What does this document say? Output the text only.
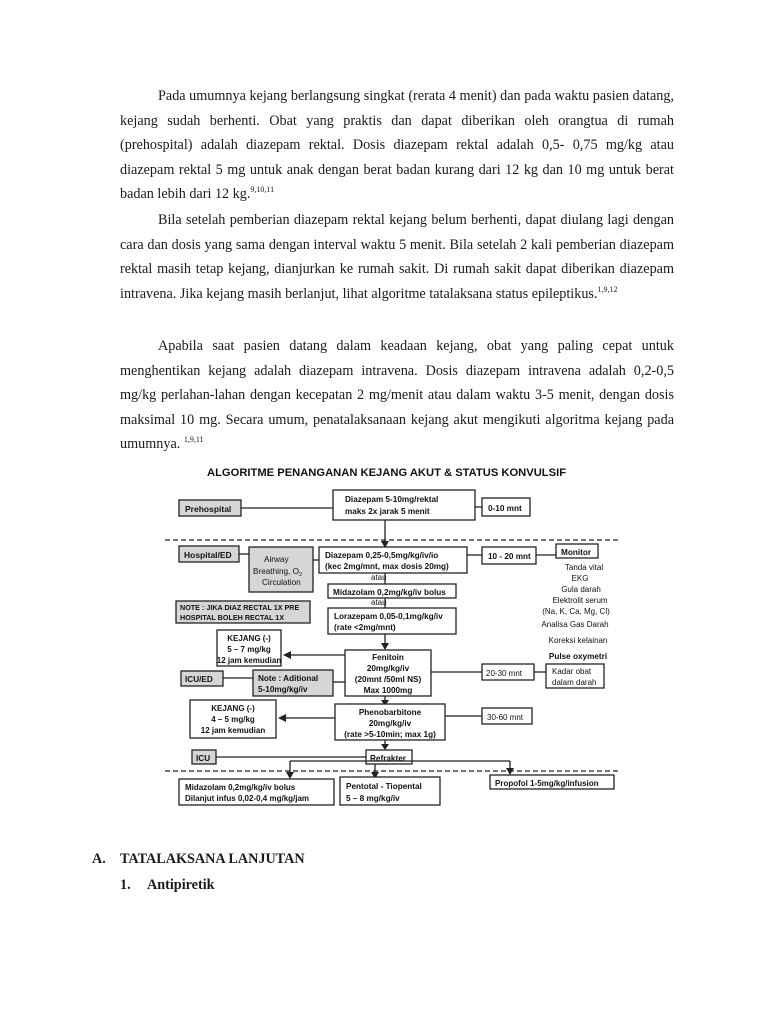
Pada umumnya kejang berlangsung singkat (rerata 4 menit) dan pada waktu pasien datang, kejang sudah berhenti. Obat yang praktis dan dapat diberikan oleh orangtua di rumah (prehospital) adalah diazepam rektal. Dosis diazepam rektal adalah 0,5- 0,75 mg/kg atau diazepam rektal 5 mg untuk anak dengan berat badan kurang dari 12 kg dan 10 mg untuk berat badan lebih dari 12 kg.$^{9,10,11}$

Bila setelah pemberian diazepam rektal kejang belum berhenti, dapat diulang lagi dengan cara dan dosis yang sama dengan interval waktu 5 menit. Bila setelah 2 kali pemberian diazepam rektal masih tetap kejang, dianjurkan ke rumah sakit. Di rumah sakit dapat diberikan diazepam intravena. Jika kejang masih berlanjut, lihat algoritme tatalaksana status epileptikus.$^{1,9,12}$

Apabila saat pasien datang dalam keadaan kejang, obat yang paling cepat untuk menghentikan kejang adalah diazepam intravena. Dosis diazepam intravena adalah 0,2-0,5 mg/kg perlahan-lahan dengan kecepatan 2 mg/menit atau dalam waktu 3-5 menit, dengan dosis maksimal 10 mg. Secara umum, penatalaksanaan kejang akut mengikuti algoritma kejang pada umumnya. $^{1,9,11}$

ALGORITME PENANGANAN KEJANG AKUT & STATUS KONVULSIF
Prehospital
Diazepam 5-10mg/rektal
maks 2x jarak 5 menit	0-10 mnt
Hospital/ED	Airway
Breathing, $O_2$
Circulation
Diazepam 0,25-0,5mg/kg/iv/io
(kec 2mg/mnt, max dosis 20mg)
10 - 20 mnt	Monitor
Tanda vital
EKG
Gula darah
Elektrolit serum
(Na, K, Ca, Mg, Cl)
Analisa Gas Darah
Koreksi kelainan
Pulse oxymetri
atau
Midazolam 0,2mg/kg/iv bolus
atau
NOTE : JIKA DIAZ RECTAL 1X PRE
HOSPITAL BOLEH RECTAL 1X	Lorazepam 0,05-0,1mg/kg/iv
(rate <2mg/mnt)
KEJANG (-)
5 – 7 mg/kg
12 jam kemudian	Fenitoin
20mg/kg/iv
(20mnt /50ml NS)
Max 1000mg
20-30 mnt	Kadar obat
dalam darah
ICU/ED	Note : Aditional
5-10mg/kg/iv
KEJANG (-)
4 – 5 mg/kg
12 jam kemudian
Phenobarbitone
20mg/kg/iv
(rate >5-10min; max 1g)
30-60 mnt
ICU	Refrakter
Midazolam 0,2mg/kg/iv bolus
Dilanjut infus 0,02-0,4 mg/kg/jam
Pentotal - Tiopental
5 – 8 mg/kg/iv
Propofol 1-5mg/kg/infusion

A. TATALAKSANA LANJUTAN

1. Antipiretik
